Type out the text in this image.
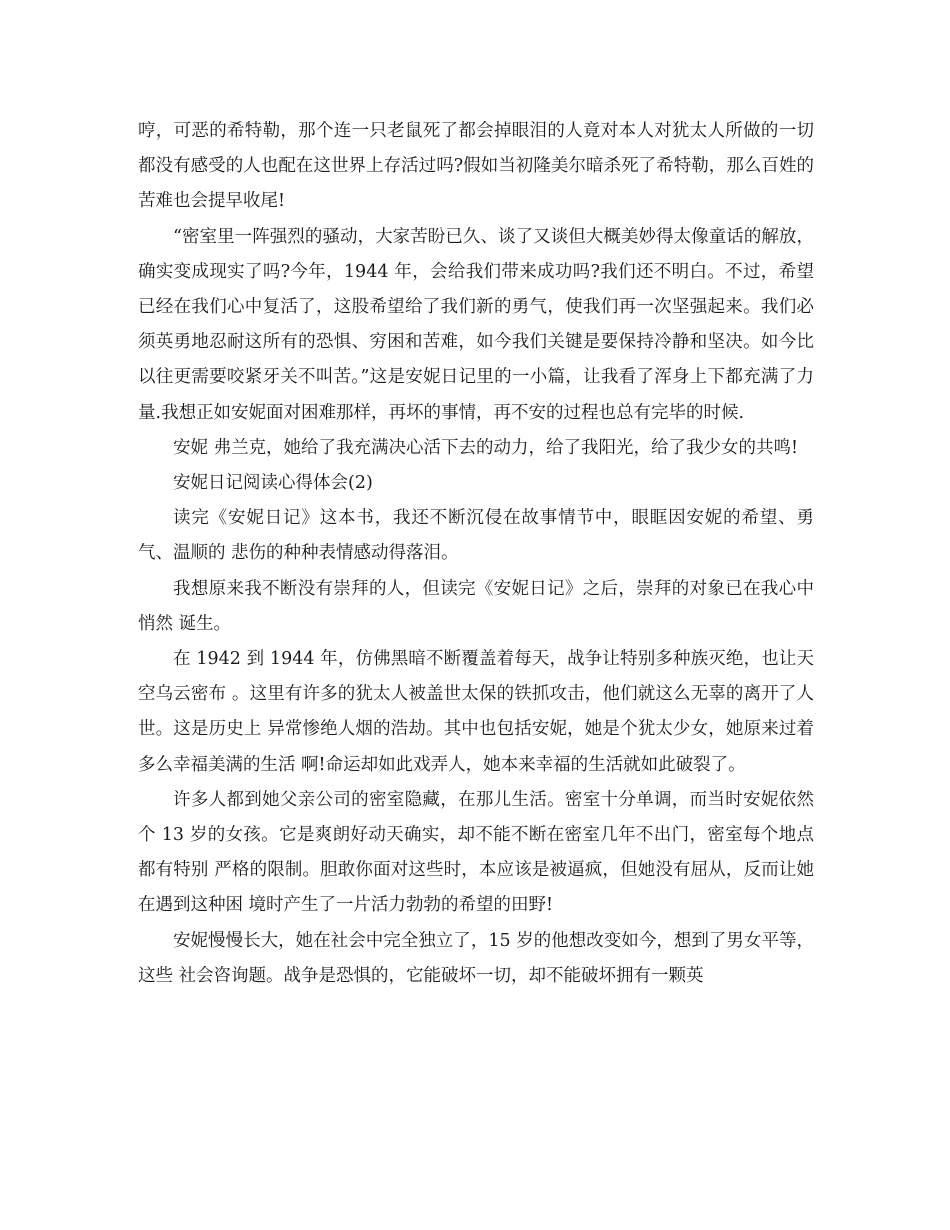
哼，可恶的希特勒，那个连一只老鼠死了都会掉眼泪的人竟对本人对犹太人所做的一切都没有感受的人也配在这世界上存活过吗?假如当初隆美尔暗杀死了希特勒，那么百姓的苦难也会提早收尾!

“密室里一阵强烈的骚动，大家苦盼已久、谈了又谈但大概美妙得太像童话的解放，确实变成现实了吗?今年，1944 年，会给我们带来成功吗?我们还不明白。不过，希望已经在我们心中复活了，这股希望给了我们新的勇气，使我们再一次坚强起来。我们必须英勇地忍耐这所有的恐惧、穷困和苦难，如今我们关键是要保持冷静和坚决。如今比以往更需要咬紧牙关不叫苦。”这是安妮日记里的一小篇，让我看了浑身上下都充满了力量.我想正如安妮面对困难那样，再坏的事情，再不安的过程也总有完毕的时候.

安妮 弗兰克，她给了我充满决心活下去的动力，给了我阳光，给了我少女的共鸣!

安妮日记阅读心得体会(2)

读完《安妮日记》这本书，我还不断沉侵在故事情节中，眼眶因安妮的希望、勇气、温顺的 悲伤的种种表情感动得落泪。

我想原来我不断没有崇拜的人，但读完《安妮日记》之后，崇拜的对象已在我心中悄然 诞生。

在 1942 到 1944 年，仿佛黑暗不断覆盖着每天，战争让特别多种族灭绝，也让天空乌云密布 。这里有许多的犹太人被盖世太保的铁抓攻击，他们就这么无辜的离开了人世。这是历史上 异常惨绝人烟的浩劫。其中也包括安妮，她是个犹太少女，她原来过着多么幸福美满的生活 啊!命运却如此戏弄人，她本来幸福的生活就如此破裂了。

许多人都到她父亲公司的密室隐藏，在那儿生活。密室十分单调，而当时安妮依然个 13 岁的女孩。它是爽朗好动天确实，却不能不断在密室几年不出门，密室每个地点都有特别 严格的限制。胆敢你面对这些时，本应该是被逼疯，但她没有屈从，反而让她在遇到这种困 境时产生了一片活力勃勃的希望的田野!

安妮慢慢长大，她在社会中完全独立了，15 岁的他想改变如今，想到了男女平等，这些 社会咨询题。战争是恐惧的，它能破坏一切，却不能破坏拥有一颗英
